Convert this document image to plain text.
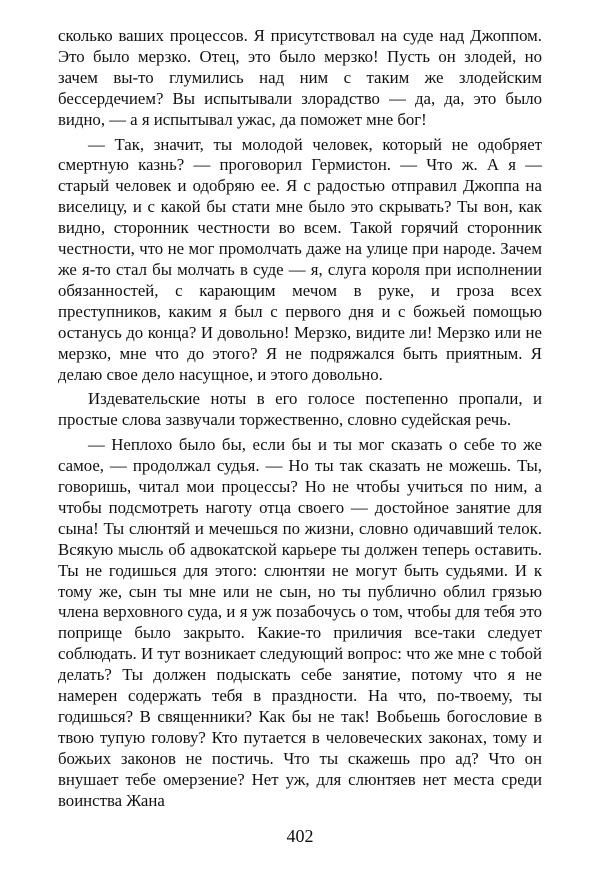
сколько ваших процессов. Я присутствовал на суде над Джоппом. Это было мерзко. Отец, это было мерзко! Пусть он злодей, но зачем вы-то глумились над ним с таким же злодейским бессердечием? Вы испытывали злорадство — да, да, это было видно, — а я испытывал ужас, да поможет мне бог!

— Так, значит, ты молодой человек, который не одобряет смертную казнь? — проговорил Гермистон. — Что ж. А я — старый человек и одобряю ее. Я с радостью отправил Джоппа на виселицу, и с какой бы стати мне было это скрывать? Ты вон, как видно, сторонник честности во всем. Такой горячий сторонник честности, что не мог промолчать даже на улице при народе. Зачем же я-то стал бы молчать в суде — я, слуга короля при исполнении обязанностей, с карающим мечом в руке, и гроза всех преступников, каким я был с первого дня и с божьей помощью останусь до конца? И довольно! Мерзко, видите ли! Мерзко или не мерзко, мне что до этого? Я не подряжался быть приятным. Я делаю свое дело насущное, и этого довольно.

Издевательские ноты в его голосе постепенно пропали, и простые слова зазвучали торжественно, словно судейская речь.

— Неплохо было бы, если бы и ты мог сказать о себе то же самое, — продолжал судья. — Но ты так сказать не можешь. Ты, говоришь, читал мои процессы? Но не чтобы учиться по ним, а чтобы подсмотреть наготу отца своего — достойное занятие для сына! Ты слюнтяй и мечешься по жизни, словно одичавший телок. Всякую мысль об адвокатской карьере ты должен теперь оставить. Ты не годишься для этого: слюнтяи не могут быть судьями. И к тому же, сын ты мне или не сын, но ты публично облил грязью члена верховного суда, и я уж позабочусь о том, чтобы для тебя это поприще было закрыто. Какие-то приличия все-таки следует соблюдать. И тут возникает следующий вопрос: что же мне с тобой делать? Ты должен подыскать себе занятие, потому что я не намерен содержать тебя в праздности. На что, по-твоему, ты годишься? В священники? Как бы не так! Вобьешь богословие в твою тупую голову? Кто путается в человеческих законах, тому и божьих законов не постичь. Что ты скажешь про ад? Что он внушает тебе омерзение? Нет уж, для слюнтяев нет места среди воинства Жана

402
